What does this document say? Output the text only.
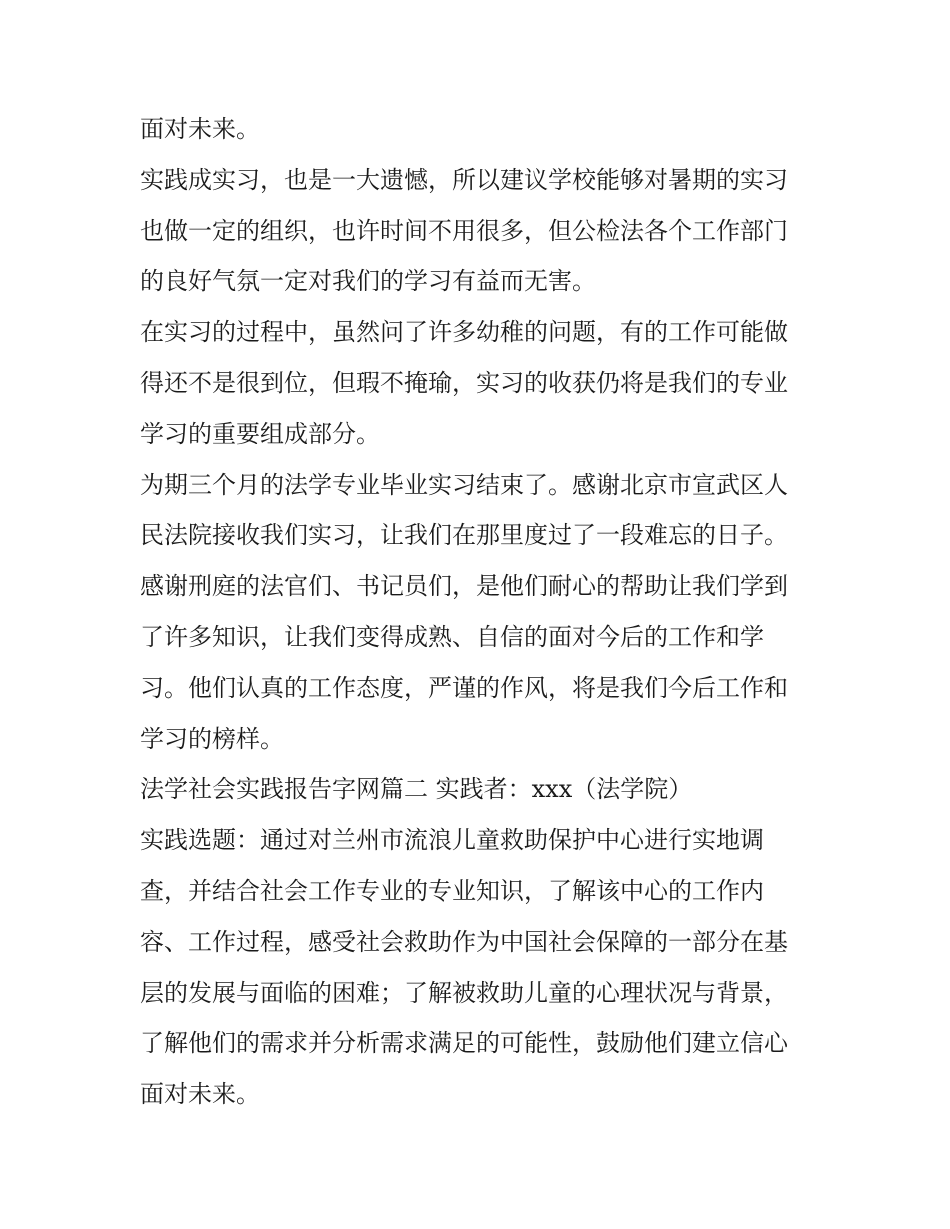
面对未来。

实践成实习，也是一大遗憾，所以建议学校能够对暑期的实习

也做一定的组织，也许时间不用很多，但公检法各个工作部门

的良好气氛一定对我们的学习有益而无害。

在实习的过程中，虽然问了许多幼稚的问题，有的工作可能做

得还不是很到位，但瑕不掩瑜，实习的收获仍将是我们的专业

学习的重要组成部分。

为期三个月的法学专业毕业实习结束了。感谢北京市宣武区人

民法院接收我们实习，让我们在那里度过了一段难忘的日子。

感谢刑庭的法官们、书记员们，是他们耐心的帮助让我们学到

了许多知识，让我们变得成熟、自信的面对今后的工作和学

习。他们认真的工作态度，严谨的作风，将是我们今后工作和

学习的榜样。

法学社会实践报告字网篇二 实践者：xxx（法学院）

实践选题：通过对兰州市流浪儿童救助保护中心进行实地调

查，并结合社会工作专业的专业知识，了解该中心的工作内

容、工作过程，感受社会救助作为中国社会保障的一部分在基

层的发展与面临的困难；了解被救助儿童的心理状况与背景，

了解他们的需求并分析需求满足的可能性，鼓励他们建立信心

面对未来。
